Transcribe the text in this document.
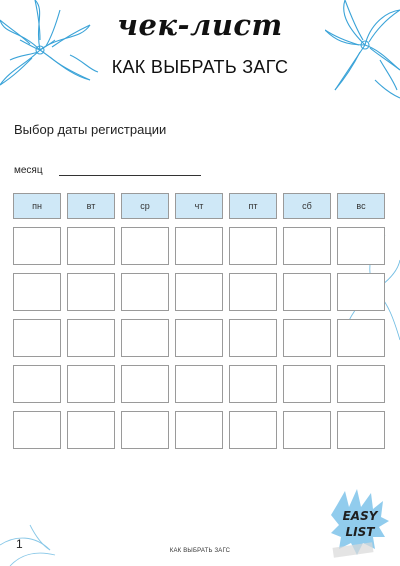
чек-лист
КАК ВЫБРАТЬ ЗАГС
Выбор даты регистрации
месяц
пн	вт	ср	чт	пт	сб	вс
1	КАК ВЫБРАТЬ ЗАГС
EASY
LIST
